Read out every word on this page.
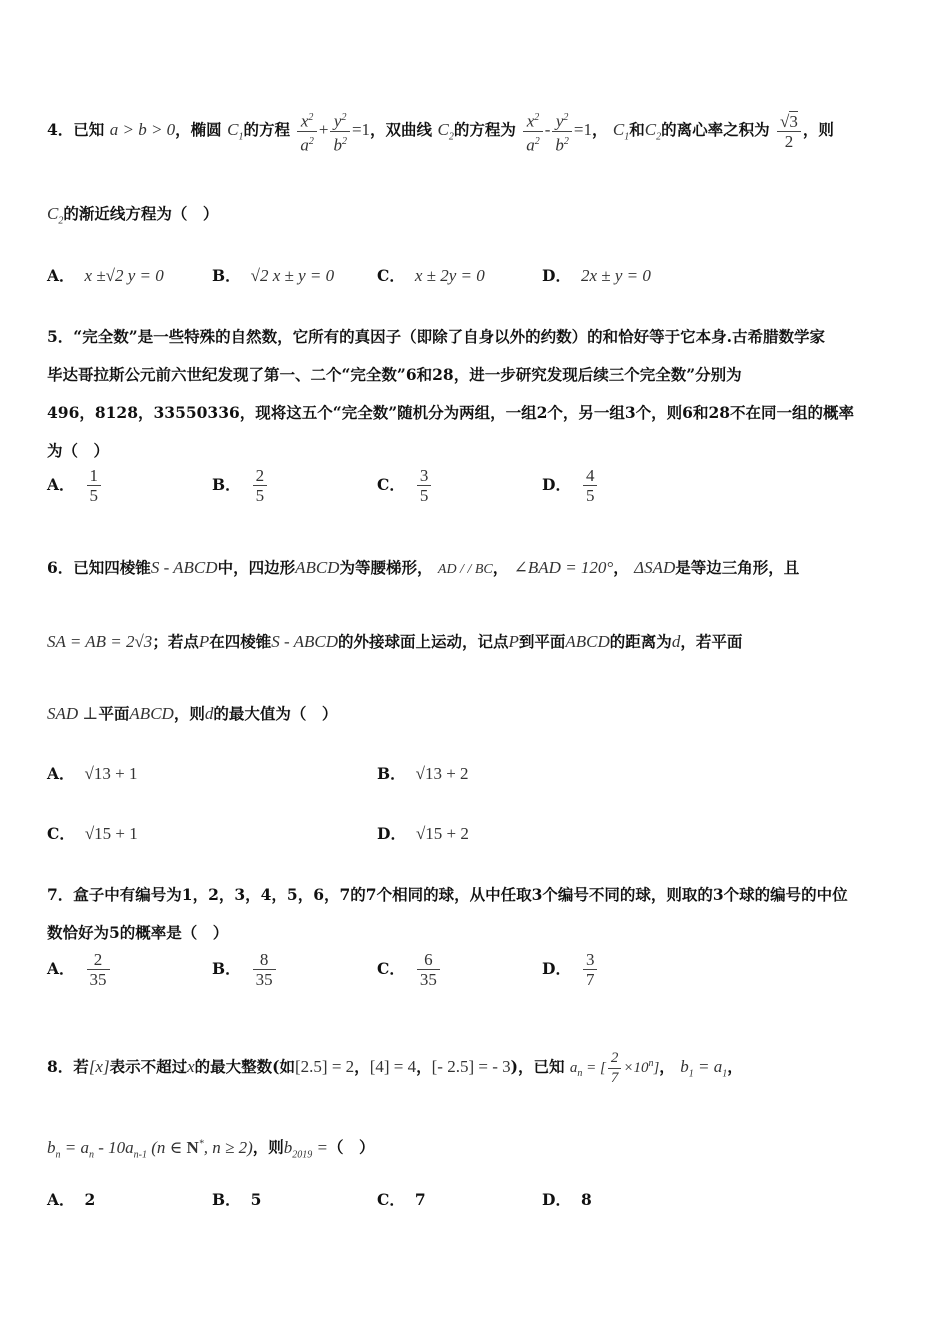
4．已知 a > b > 0，椭圆 $C_1$的方程 $\frac{x^2}{a^2} + \frac{y^2}{b^2} =1$，双曲线 $C_2$的方程为 $\frac{x^2}{a^2} - \frac{y^2}{b^2} =1$， $C_1$和$C_2$的离心率之积为 $\frac{√3}{2}$ ，则
$C_2$的渐近线方程为（　）
A． x ±√2 y = 0	B． √2 x ± y = 0	C． x ± 2y = 0	D． 2x ± y = 0
5．“完全数”是一些特殊的自然数，它所有的真因子（即除了自身以外的约数）的和恰好等于它本身.古希腊数学家
毕达哥拉斯公元前六世纪发现了第一、二个“完全数”6和28，进一步研究发现后续三个完全数”分别为
496，8128，33550336，现将这五个“完全数”随机分为两组，一组2个，另一组3个，则6和28不在同一组的概率
为（　）
A． $\frac{1}{5}$	B． $\frac{2}{5}$	C． $\frac{3}{5}$	D． $\frac{4}{5}$
6．已知四棱锥S - ABCD中，四边形ABCD为等腰梯形， AD / / BC， ∠BAD = 120°， ΔSAD是等边三角形，且
SA = AB = 2√3；若点P在四棱锥S - ABCD的外接球面上运动，记点P到平面ABCD的距离为d，若平面
SAD ⊥平面ABCD，则d的最大值为（　）
A． √13 + 1	B． √13 + 2
C． √15 + 1	D． √15 + 2
7．盒子中有编号为1，2，3，4，5，6，7的7个相同的球，从中任取3个编号不同的球，则取的3个球的编号的中位
数恰好为5的概率是（　）
A． $\frac{2}{35}$	B． $\frac{8}{35}$	C． $\frac{6}{35}$	D． $\frac{3}{7}$
8．若[x]表示不超过x的最大整数(如[2.5] = 2，[4] = 4，[- 2.5] = - 3)，已知 $a_n$ = [ $\frac{2}{7} \times 10^n$]， $b_1 = a_1$，
$b_n = a_n - 10a_{n-1}$ (n ∈ N*, n ≥ 2)，则$b_{2019}$ =（　）
A． 2	B． 5	C． 7	D． 8
